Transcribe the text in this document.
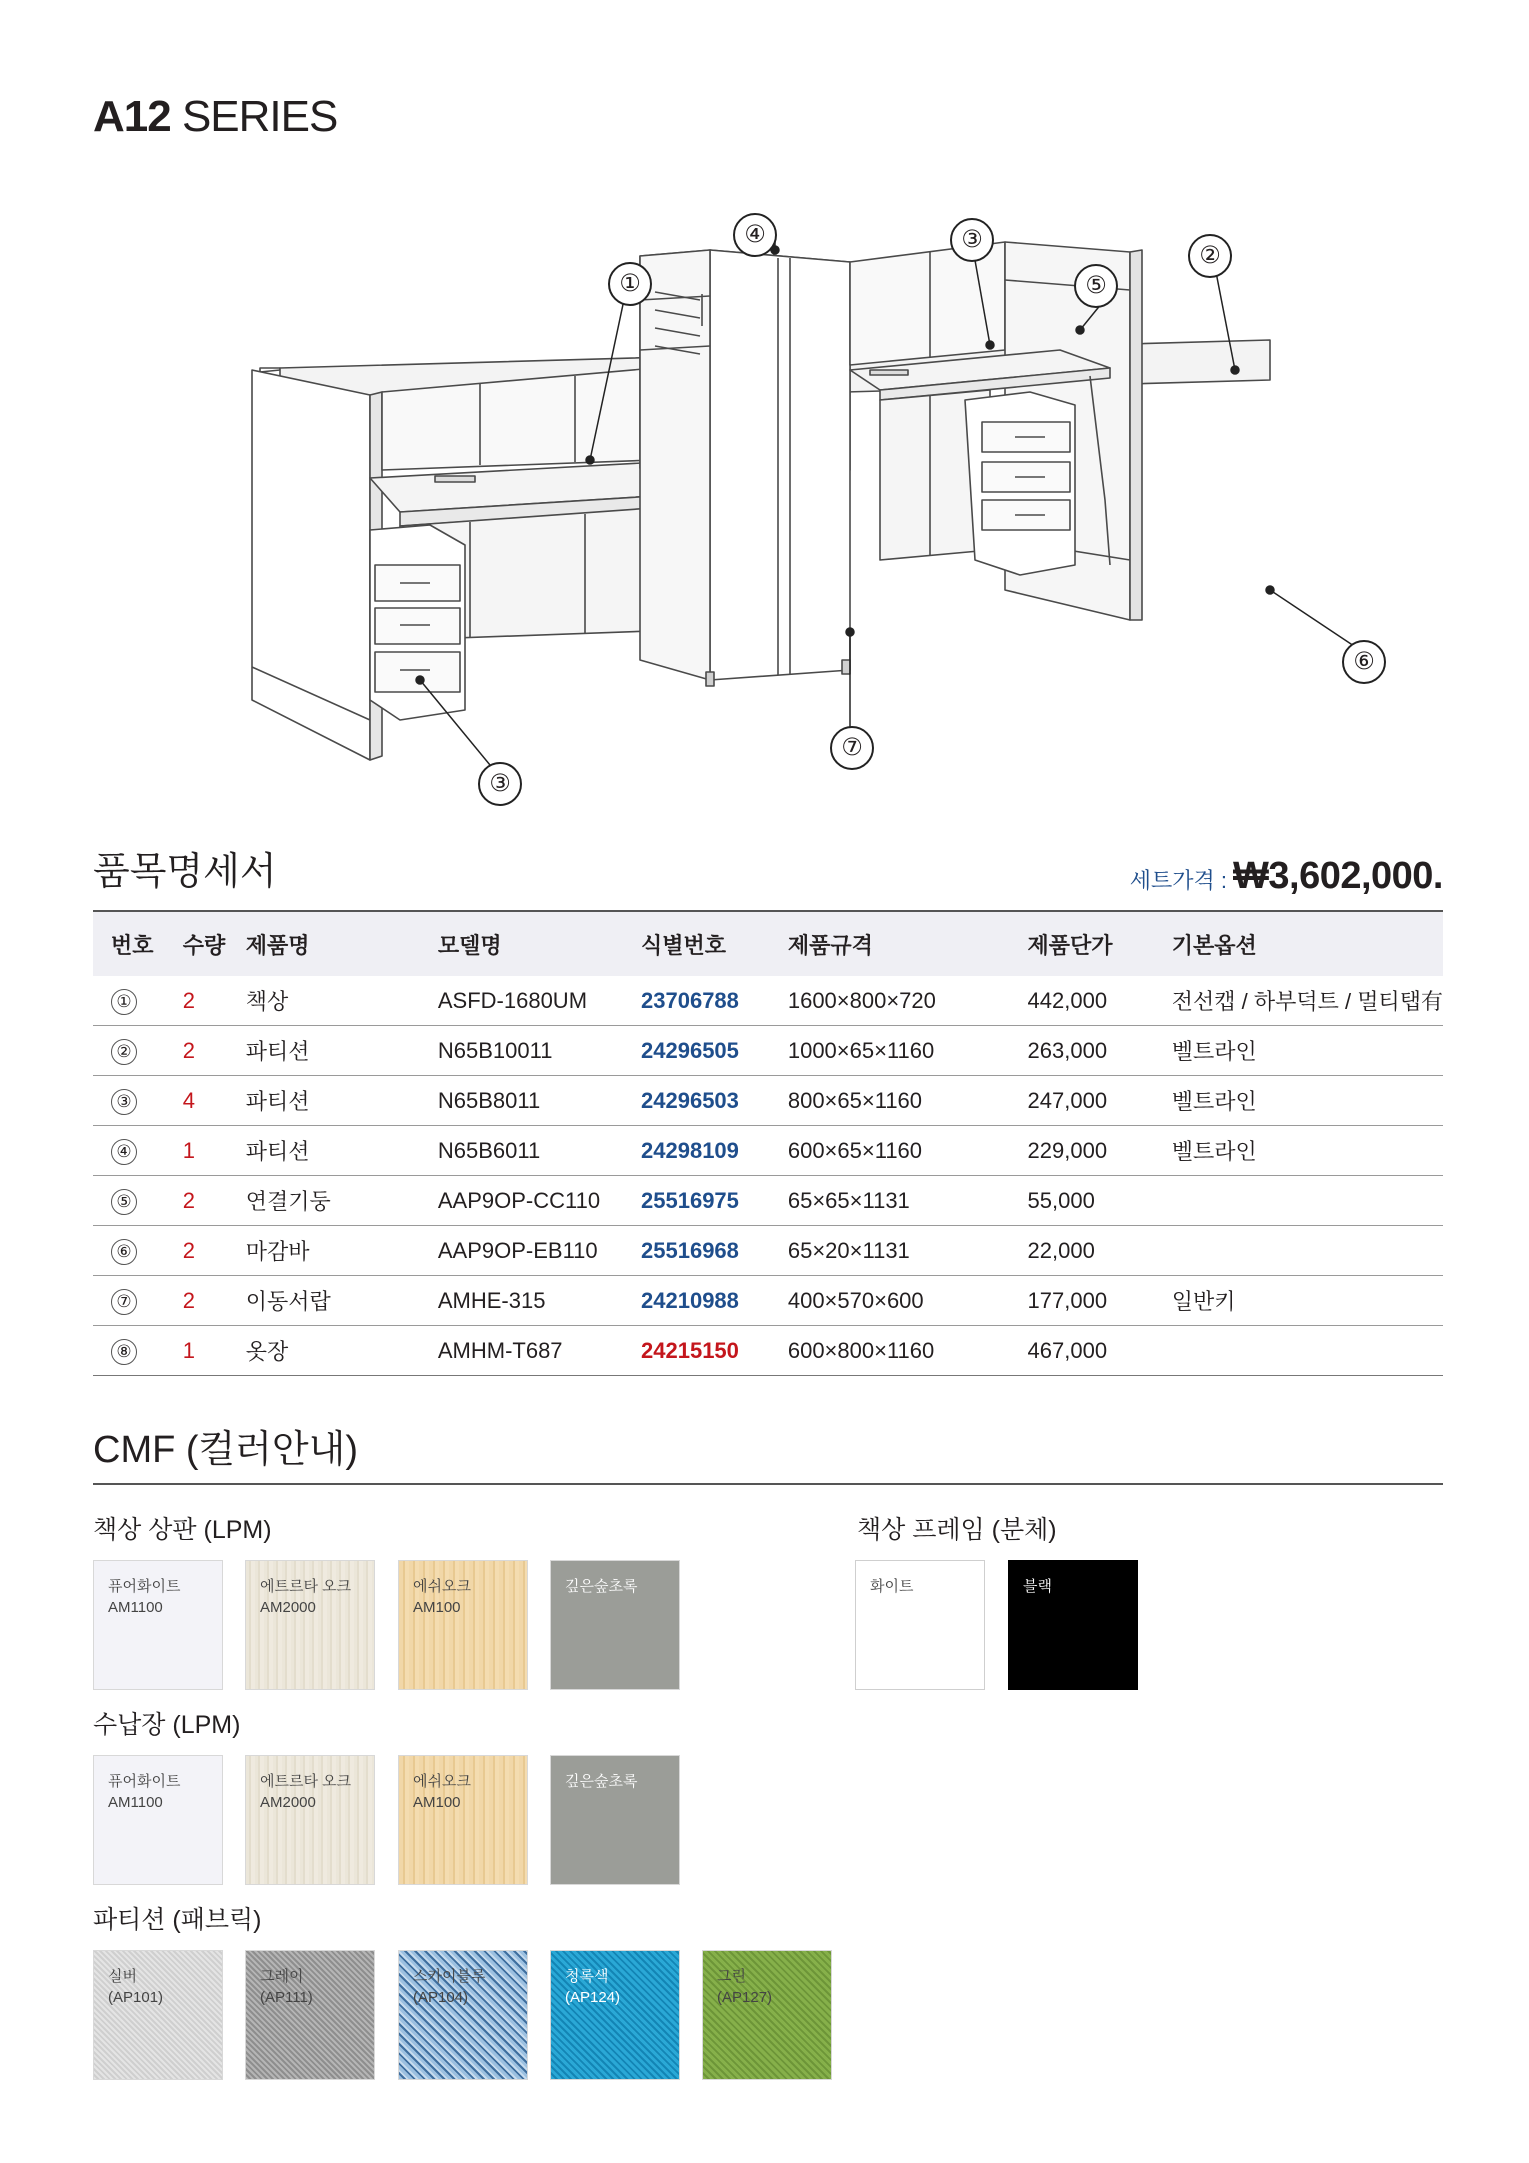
A12 SERIES
①
④	③
⑤
②
⑥
⑦
③
품목명세서	세트가격 : ₩3,602,000.
번호	수량	제품명	모델명	식별번호	제품규격	제품단가	기본옵션
①	2	책상	ASFD-1680UM	23706788	1600×800×720	442,000	전선캡 / 하부덕트 / 멀티탭有
②	2	파티션	N65B10011	24296505	1000×65×1160	263,000	벨트라인
③	4	파티션	N65B8011	24296503	800×65×1160	247,000	벨트라인
④	1	파티션	N65B6011	24298109	600×65×1160	229,000	벨트라인
⑤	2	연결기둥	AAP9OP-CC110	25516975	65×65×1131	55,000	
⑥	2	마감바	AAP9OP-EB110	25516968	65×20×1131	22,000	
⑦	2	이동서랍	AMHE-315	24210988	400×570×600	177,000	일반키
⑧	1	옷장	AMHM-T687	24215150	600×800×1160	467,000	
CMF (컬러안내)
책상 상판 (LPM)
퓨어화이트
AM1100
에트르타 오크
AM2000
에쉬오크
AM100
깊은숲초록
책상 프레임 (분체)
화이트	블랙
수납장 (LPM)
퓨어화이트
AM1100
에트르타 오크
AM2000
에쉬오크
AM100
깊은숲초록
파티션 (패브릭)
실버
(AP101)
그레이
(AP111)
스카이블루
(AP104)
청록색
(AP124)
그린
(AP127)
